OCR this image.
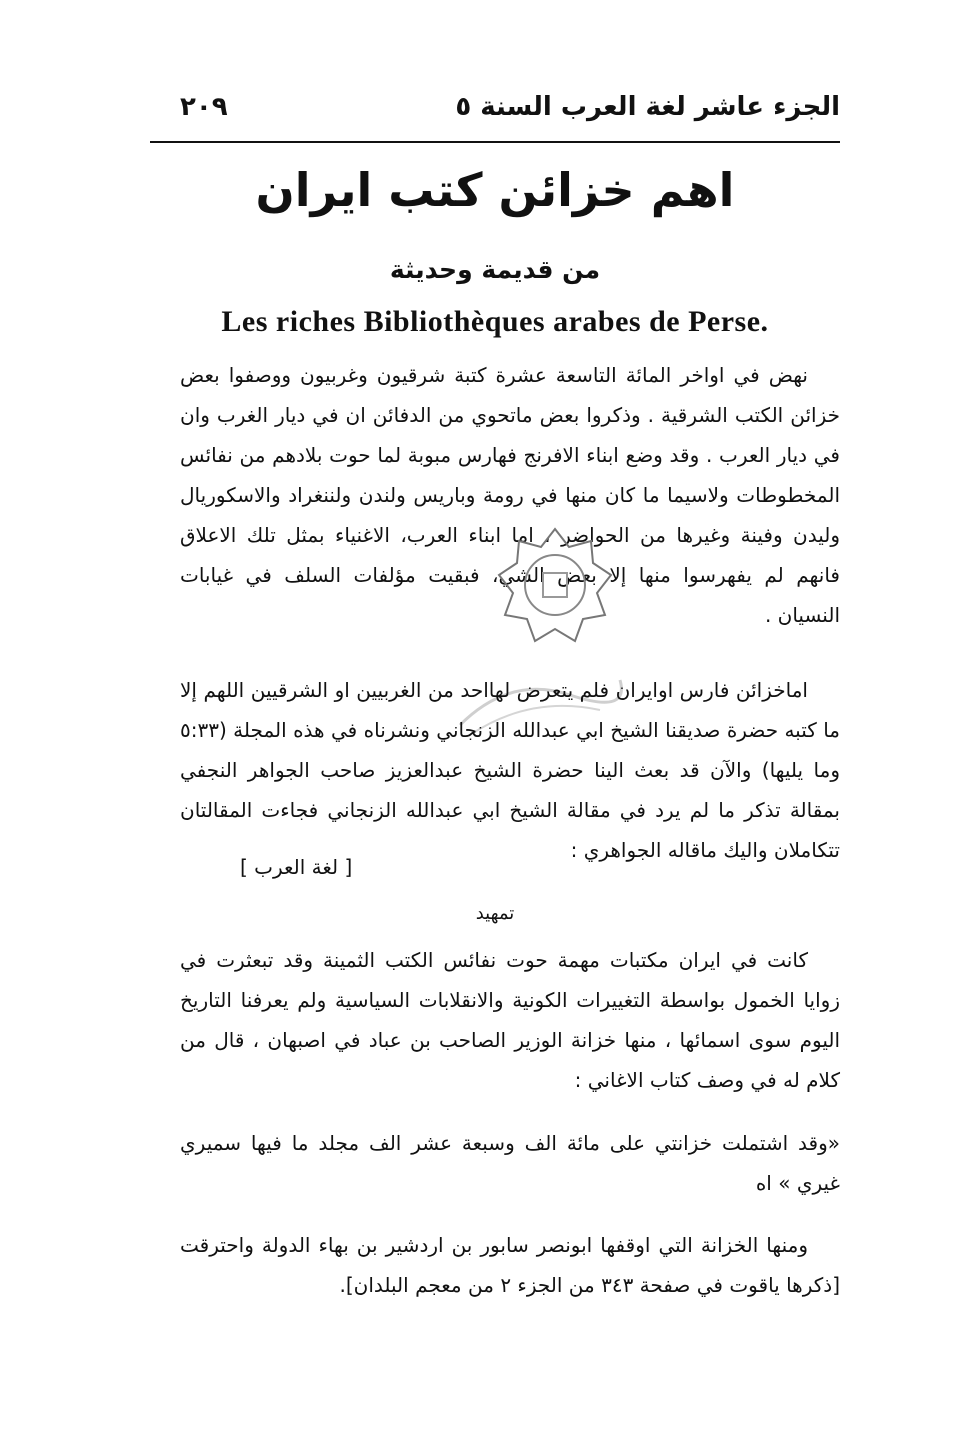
٢٠٩	الجزء عاشر لغة العرب السنة ٥
اهم خزائن كتب ايران
من قديمة وحديثة
Les riches Bibliothèques arabes de Perse.

نهض في اواخر المائة التاسعة عشرة كتبة شرقيون وغربيون ووصفوا بعض خزائن الكتب الشرقية . وذكروا بعض ماتحوي من الدفائن ان في ديار الغرب وان في ديار العرب . وقد وضع ابناء الافرنج فهارس مبوبة لما حوت بلادهم من نفائس المخطوطات ولاسيما ما كان منها في رومة وباريس ولندن ولننغراد والاسكوريال وليدن وفينة وغيرها من الحواضر ، اما ابناء العرب، الاغنياء بمثل تلك الاعلاق فانهم لم يفهرسوا منها إلا بعض الشي، فبقيت مؤلفات السلف في غيابات النسيان .

اماخزائن فارس اوايران فلم يتعرض لهااحد من الغربيين او الشرقيين اللهم إلا ما كتبه حضرة صديقنا الشيخ ابي عبدالله الزنجاني ونشرناه في هذه المجلة (٥:٣٣ وما يليها) والآن قد بعث الينا حضرة الشيخ عبدالعزيز صاحب الجواهر النجفي بمقالة تذكر ما لم يرد في مقالة الشيخ ابي عبدالله الزنجاني فجاءت المقالتان تتكاملان واليك ماقاله الجواهري :

[ لغة العرب ]
تمهيد

كانت في ايران مكتبات مهمة حوت نفائس الكتب الثمينة وقد تبعثرت في زوايا الخمول بواسطة التغييرات الكونية والانقلابات السياسية ولم يعرفنا التاريخ اليوم سوى اسمائها ، منها خزانة الوزير الصاحب بن عباد في اصبهان ، قال من كلام له في وصف كتاب الاغاني :

«وقد اشتملت خزانتي على مائة الف وسبعة عشر الف مجلد ما فيها سميري غيري » اه

ومنها الخزانة التي اوقفها ابونصر سابور بن اردشير بن بهاء الدولة واحترقت [ذكرها ياقوت في صفحة ٣٤٣ من الجزء ٢ من معجم البلدان].
